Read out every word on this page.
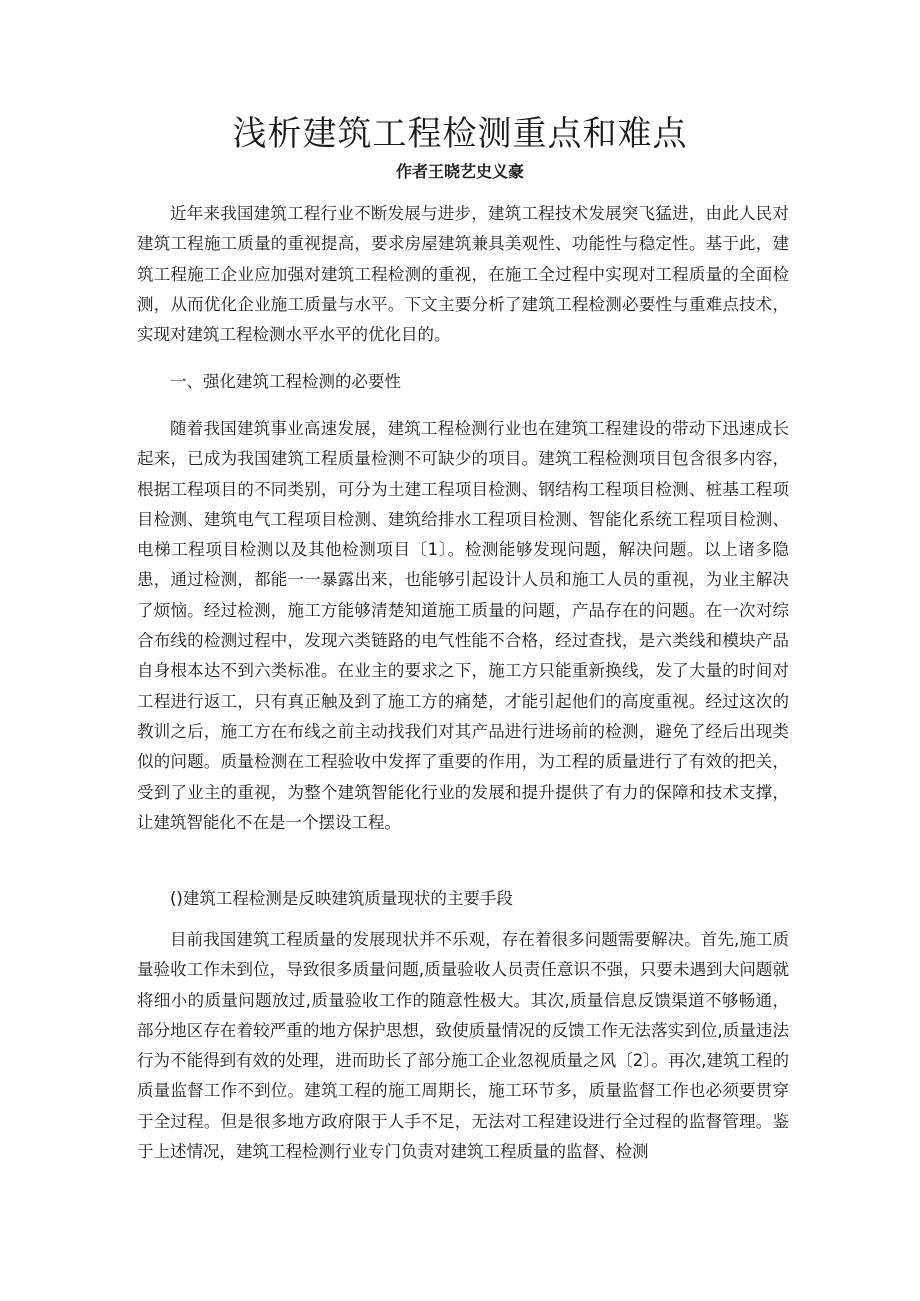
浅析建筑工程检测重点和难点
作者王晓艺史义豪

近年来我国建筑工程行业不断发展与进步，建筑工程技术发展突飞猛进，由此人民对建筑工程施工质量的重视提高，要求房屋建筑兼具美观性、功能性与稳定性。基于此，建筑工程施工企业应加强对建筑工程检测的重视，在施工全过程中实现对工程质量的全面检测，从而优化企业施工质量与水平。下文主要分析了建筑工程检测必要性与重难点技术，实现对建筑工程检测水平水平的优化目的。

一、强化建筑工程检测的必要性

随着我国建筑事业高速发展，建筑工程检测行业也在建筑工程建设的带动下迅速成长起来，已成为我国建筑工程质量检测不可缺少的项目。建筑工程检测项目包含很多内容，根据工程项目的不同类别，可分为土建工程项目检测、钢结构工程项目检测、桩基工程项目检测、建筑电气工程项目检测、建筑给排水工程项目检测、智能化系统工程项目检测、电梯工程项目检测以及其他检测项目〔1〕。检测能够发现问题，解决问题。以上诸多隐患，通过检测，都能一一暴露出来，也能够引起设计人员和施工人员的重视，为业主解决了烦恼。经过检测，施工方能够清楚知道施工质量的问题，产品存在的问题。在一次对综合布线的检测过程中，发现六类链路的电气性能不合格，经过查找，是六类线和模块产品自身根本达不到六类标准。在业主的要求之下，施工方只能重新换线，发了大量的时间对工程进行返工，只有真正触及到了施工方的痛楚，才能引起他们的高度重视。经过这次的教训之后，施工方在布线之前主动找我们对其产品进行进场前的检测，避免了经后出现类似的问题。质量检测在工程验收中发挥了重要的作用，为工程的质量进行了有效的把关，受到了业主的重视，为整个建筑智能化行业的发展和提升提供了有力的保障和技术支撑，让建筑智能化不在是一个摆设工程。

()建筑工程检测是反映建筑质量现状的主要手段

目前我国建筑工程质量的发展现状并不乐观，存在着很多问题需要解决。首先,施工质量验收工作未到位，导致很多质量问题,质量验收人员责任意识不强，只要未遇到大问题就将细小的质量问题放过,质量验收工作的随意性极大。其次,质量信息反馈渠道不够畅通，部分地区存在着较严重的地方保护思想，致使质量情况的反馈工作无法落实到位,质量违法行为不能得到有效的处理，进而助长了部分施工企业忽视质量之风〔2〕。再次,建筑工程的质量监督工作不到位。建筑工程的施工周期长，施工环节多，质量监督工作也必须要贯穿于全过程。但是很多地方政府限于人手不足，无法对工程建设进行全过程的监督管理。鉴于上述情况，建筑工程检测行业专门负责对建筑工程质量的监督、检测
